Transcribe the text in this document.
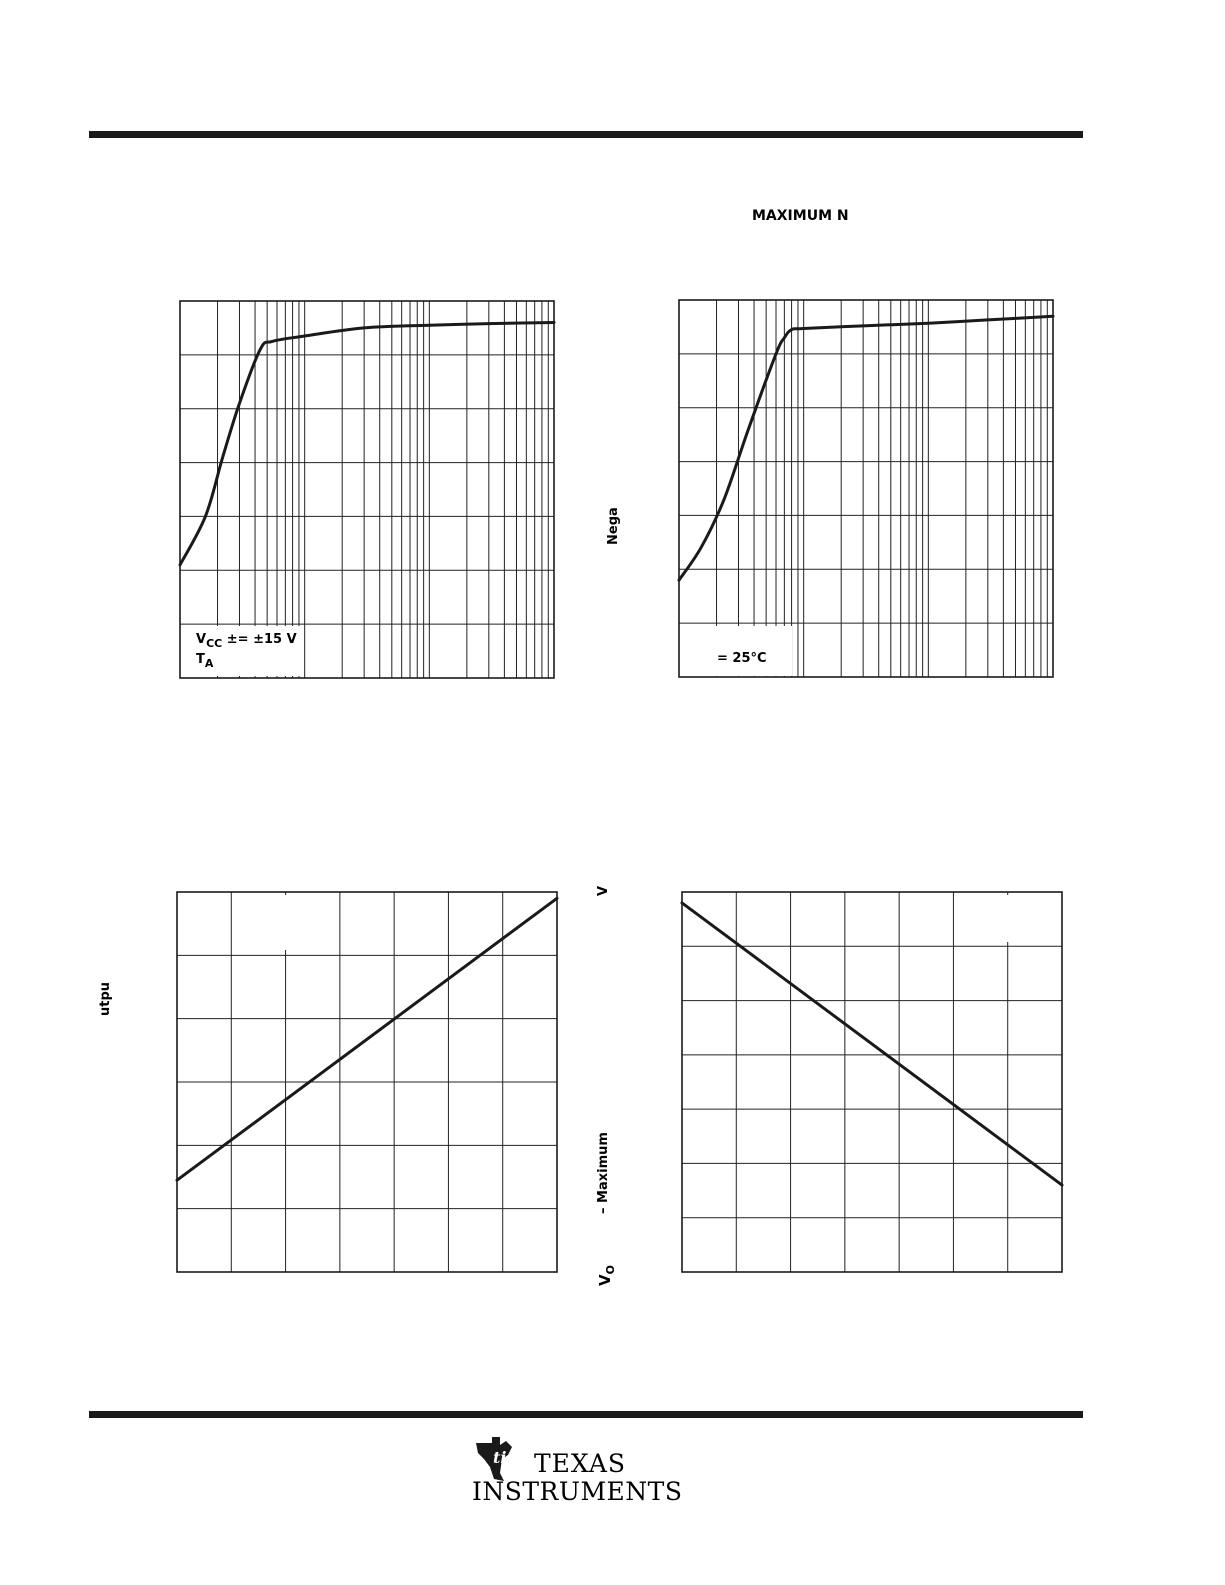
$V_{CC} \pm= \pm 15$ V
$T_A$
MAXIMUM N
Nega
= 25°C
utpu
V
– Maximum
$V_O$
ti TEXAS
INSTRUMENTS
